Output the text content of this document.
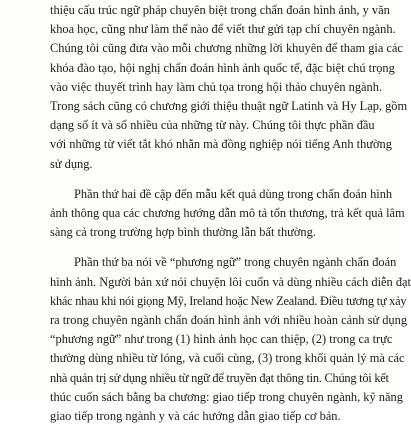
thiệu cấu trúc ngữ pháp chuyên biệt trong chẩn đoán hình ảnh, y văn
khoa học, cũng như làm thế nào để viết thư gửi tạp chí chuyên ngành.
Chúng tôi cũng đưa vào mỗi chương những lời khuyên để tham gia các
khóa đào tạo, hội nghị chẩn đoán hình ảnh quốc tế, đặc biệt chú trọng
vào việc thuyết trình hay làm chủ tọa trong hội thảo chuyên ngành.
Trong sách cũng có chương giới thiệu thuật ngữ Latinh và Hy Lạp, gồm
dạng số ít và số nhiều của những từ này. Chúng tôi thực phần đầu
với những từ viết tắt khó nhằn mà đồng nghiệp nói tiếng Anh thường
sử dụng.
Phần thứ hai đề cập đến mẫu kết quả dùng trong chẩn đoán hình
ảnh thông qua các chương hướng dẫn mô tả tổn thương, trả kết quả lâm
sàng cả trong trường hợp bình thường lẫn bất thường.
Phần thứ ba nói về “phương ngữ” trong chuyên ngành chẩn đoán
hình ảnh. Người bản xứ nói chuyện lôi cuốn và dùng nhiều cách diễn đạt
khác nhau khi nói giọng Mỹ, Ireland hoặc New Zealand. Điều tương tự xảy
ra trong chuyên ngành chẩn đoán hình ảnh với nhiều hoàn cảnh sử dụng
“phương ngữ” như trong (1) hình ảnh học can thiệp, (2) trong ca trực
thường dùng nhiều từ lóng, và cuối cùng, (3) trong khối quản lý mà các
nhà quản trị sử dụng nhiều từ ngữ để truyền đạt thông tin. Chúng tôi kết
thúc cuốn sách bằng ba chương: giao tiếp trong chuyên ngành, kỹ năng
giao tiếp trong ngành y và các hướng dẫn giao tiếp cơ bản.
